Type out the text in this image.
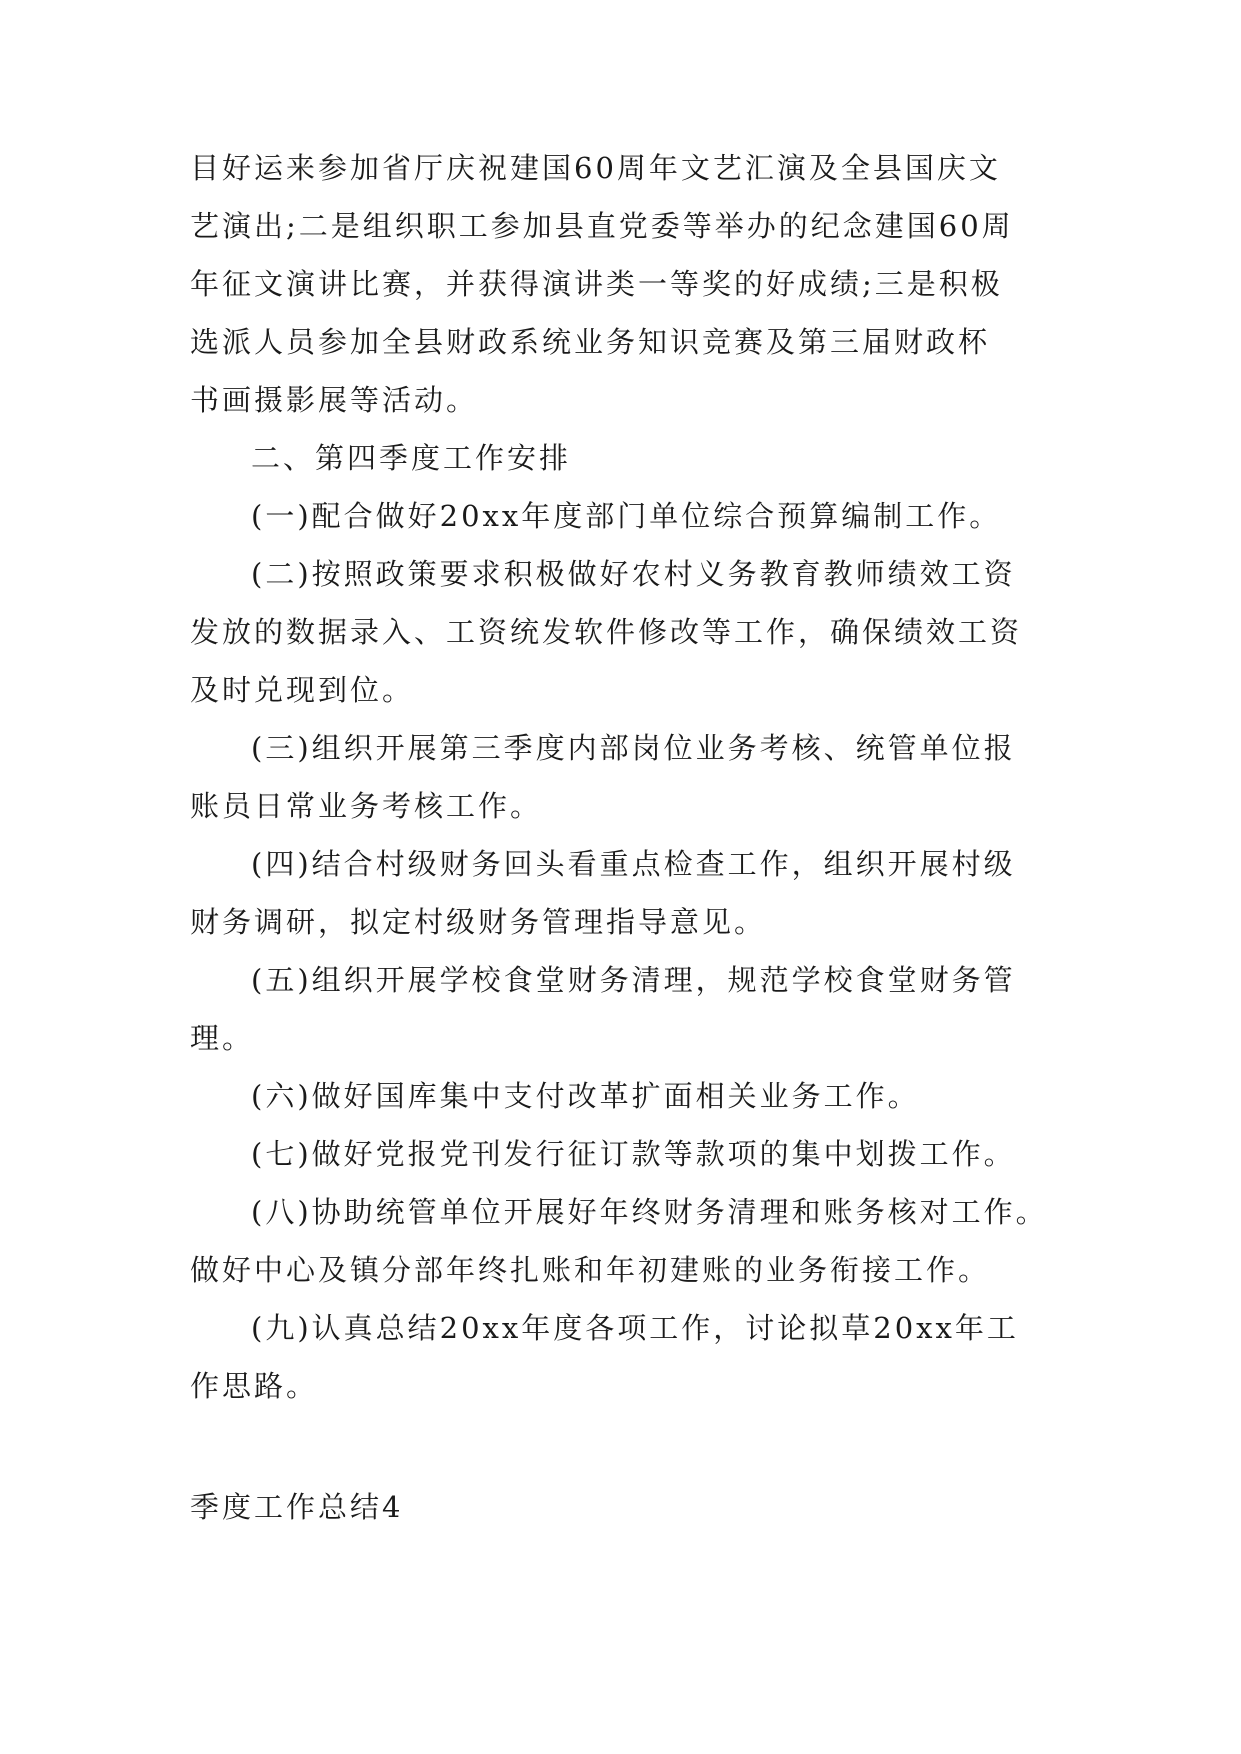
目好运来参加省厅庆祝建国60周年文艺汇演及全县国庆文
艺演出;二是组织职工参加县直党委等举办的纪念建国60周
年征文演讲比赛，并获得演讲类一等奖的好成绩;三是积极
选派人员参加全县财政系统业务知识竞赛及第三届财政杯
书画摄影展等活动。
二、第四季度工作安排
(一)配合做好20xx年度部门单位综合预算编制工作。
(二)按照政策要求积极做好农村义务教育教师绩效工资
发放的数据录入、工资统发软件修改等工作，确保绩效工资
及时兑现到位。
(三)组织开展第三季度内部岗位业务考核、统管单位报
账员日常业务考核工作。
(四)结合村级财务回头看重点检查工作，组织开展村级
财务调研，拟定村级财务管理指导意见。
(五)组织开展学校食堂财务清理，规范学校食堂财务管
理。
(六)做好国库集中支付改革扩面相关业务工作。
(七)做好党报党刊发行征订款等款项的集中划拨工作。
(八)协助统管单位开展好年终财务清理和账务核对工作。
做好中心及镇分部年终扎账和年初建账的业务衔接工作。
(九)认真总结20xx年度各项工作，讨论拟草20xx年工
作思路。
季度工作总结4
